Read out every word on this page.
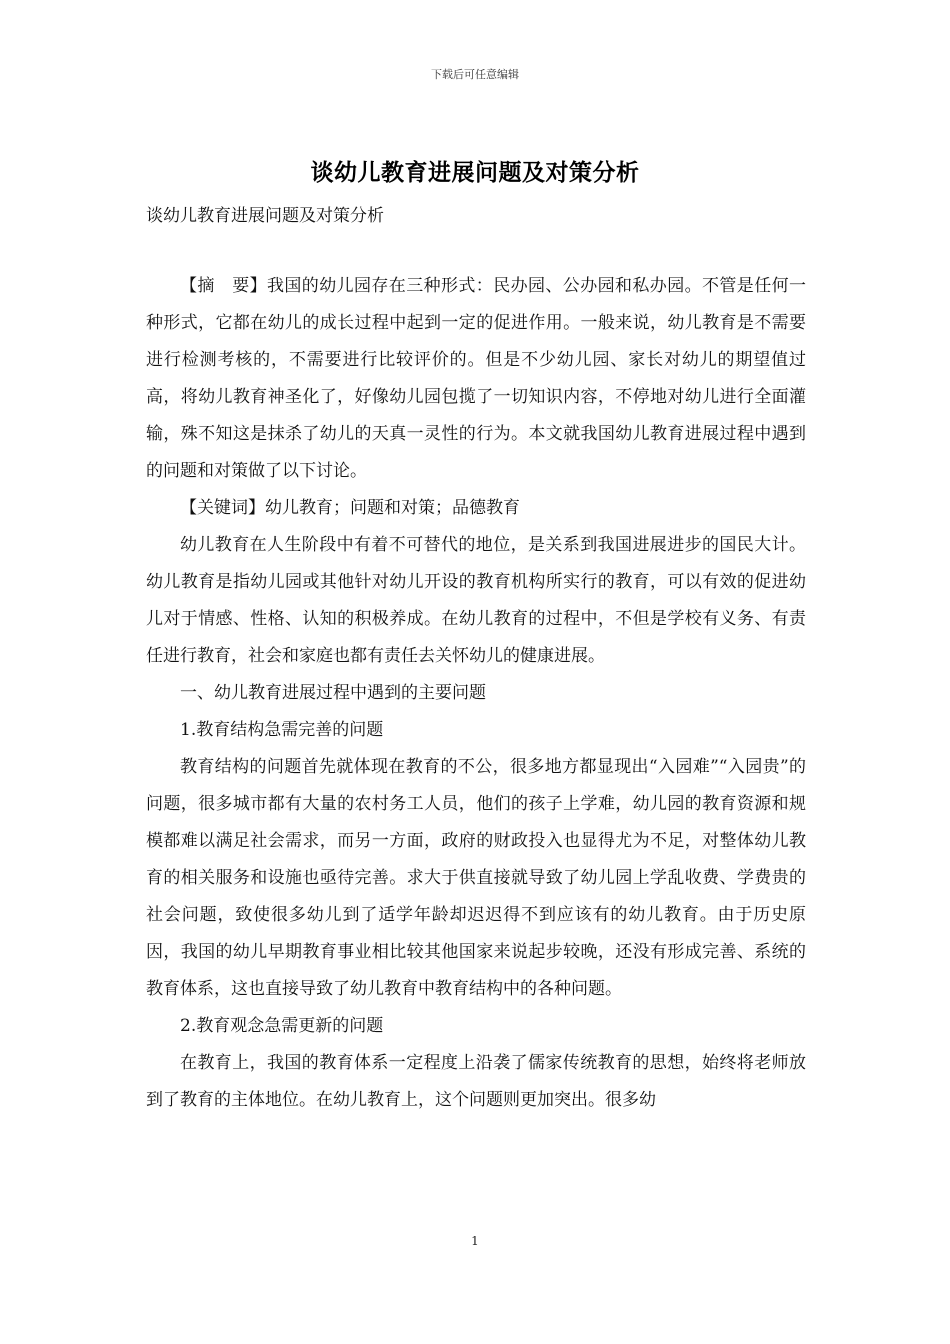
下载后可任意编辑
谈幼儿教育进展问题及对策分析
谈幼儿教育进展问题及对策分析

【摘　要】我国的幼儿园存在三种形式：民办园、公办园和私办园。不管是任何一种形式，它都在幼儿的成长过程中起到一定的促进作用。一般来说，幼儿教育是不需要进行检测考核的，不需要进行比较评价的。但是不少幼儿园、家长对幼儿的期望值过高，将幼儿教育神圣化了，好像幼儿园包揽了一切知识内容，不停地对幼儿进行全面灌输，殊不知这是抹杀了幼儿的天真一灵性的行为。本文就我国幼儿教育进展过程中遇到的问题和对策做了以下讨论。

【关键词】幼儿教育；问题和对策；品德教育

幼儿教育在人生阶段中有着不可替代的地位，是关系到我国进展进步的国民大计。幼儿教育是指幼儿园或其他针对幼儿开设的教育机构所实行的教育，可以有效的促进幼儿对于情感、性格、认知的积极养成。在幼儿教育的过程中，不但是学校有义务、有责任进行教育，社会和家庭也都有责任去关怀幼儿的健康进展。

一、幼儿教育进展过程中遇到的主要问题

1.教育结构急需完善的问题

教育结构的问题首先就体现在教育的不公，很多地方都显现出“入园难”“入园贵”的问题，很多城市都有大量的农村务工人员，他们的孩子上学难，幼儿园的教育资源和规模都难以满足社会需求，而另一方面，政府的财政投入也显得尤为不足，对整体幼儿教育的相关服务和设施也亟待完善。求大于供直接就导致了幼儿园上学乱收费、学费贵的社会问题，致使很多幼儿到了适学年龄却迟迟得不到应该有的幼儿教育。由于历史原因，我国的幼儿早期教育事业相比较其他国家来说起步较晚，还没有形成完善、系统的教育体系，这也直接导致了幼儿教育中教育结构中的各种问题。

2.教育观念急需更新的问题

在教育上，我国的教育体系一定程度上沿袭了儒家传统教育的思想，始终将老师放到了教育的主体地位。在幼儿教育上，这个问题则更加突出。很多幼

1
